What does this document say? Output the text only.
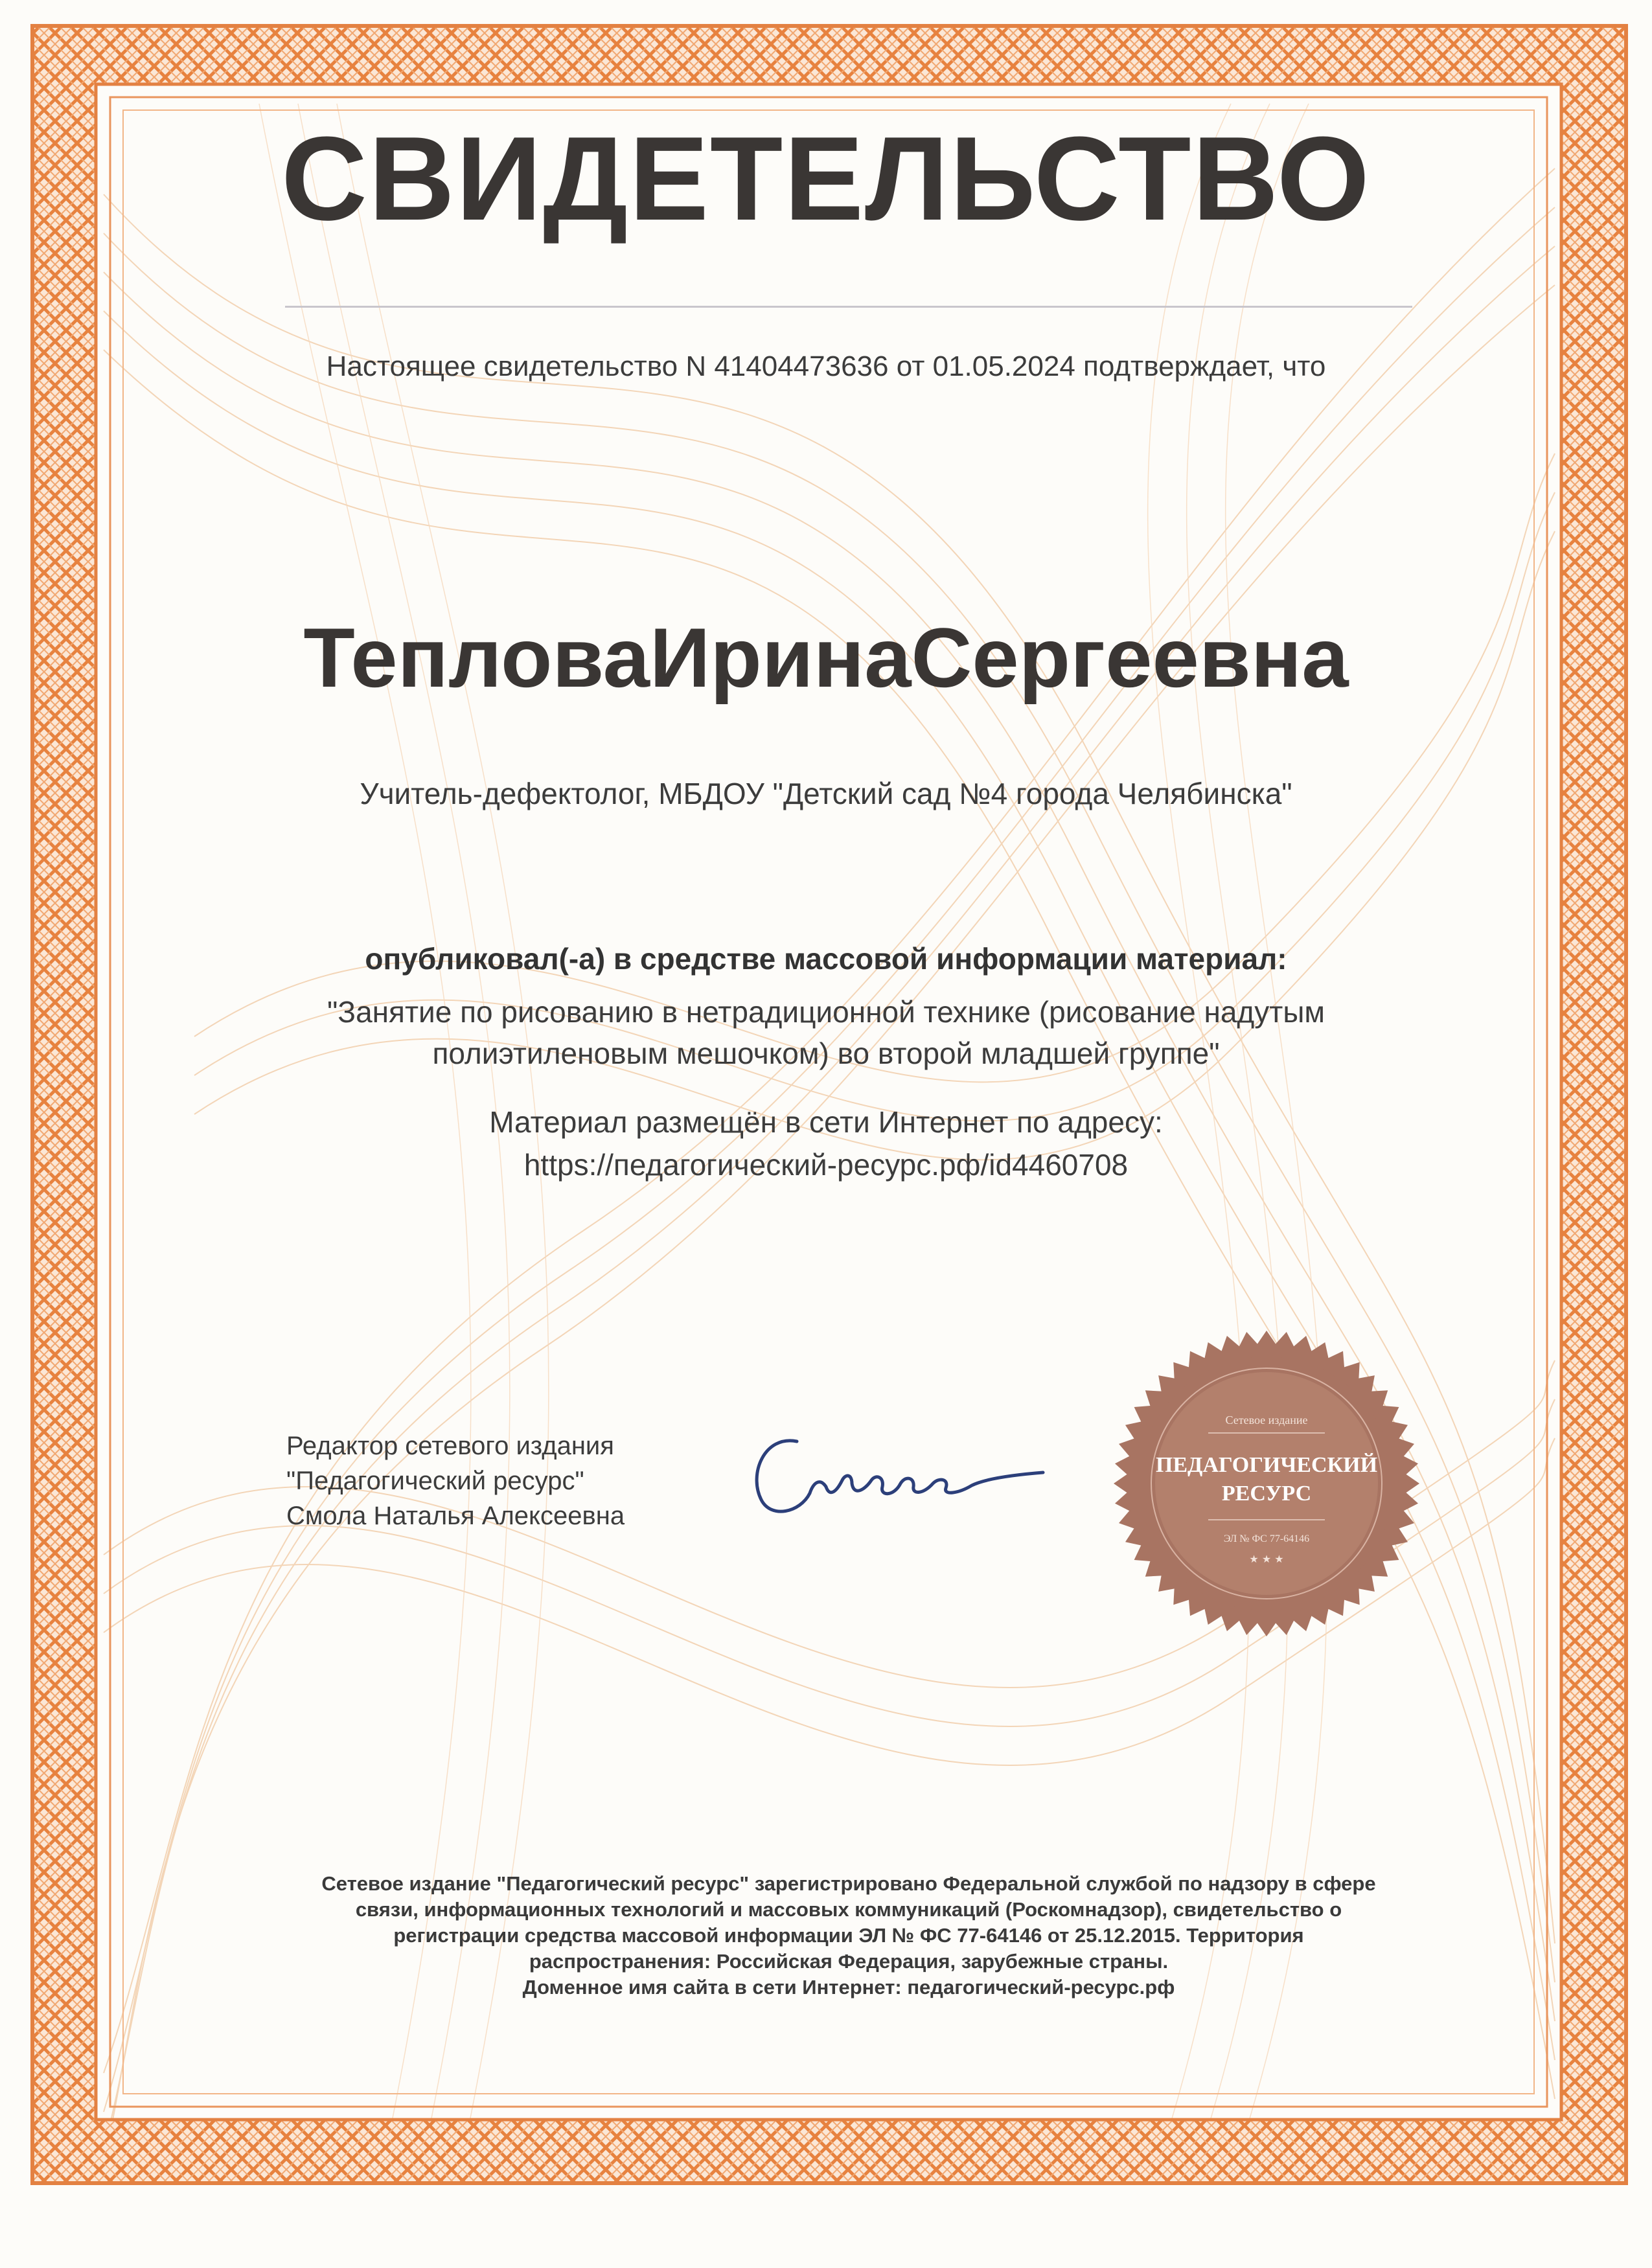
СВИДЕТЕЛЬСТВО
Настоящее свидетельство N 41404473636 от 01.05.2024 подтверждает, что
ТепловаИринаСергеевна
Учитель-дефектолог, МБДОУ "Детский сад №4 города Челябинска"
опубликовал(-а) в средстве массовой информации материал:
"Занятие по рисованию в нетрадиционной технике (рисование надутым
полиэтиленовым мешочком) во второй младшей группе"
Материал размещён в сети Интернет по адресу:
https://педагогический-ресурс.рф/id4460708
Редактор сетевого издания
"Педагогический ресурс"
Смола Наталья Алексеевна
Сетевое издание
ПЕДАГОГИЧЕСКИЙ
РЕСУРС
ЭЛ № ФС 77-64146
★ ★ ★
Сетевое издание "Педагогический ресурс" зарегистрировано Федеральной службой по надзору в сфере
связи, информационных технологий и массовых коммуникаций (Роскомнадзор), свидетельство о
регистрации средства массовой информации ЭЛ № ФС 77-64146 от 25.12.2015. Территория
распространения: Российская Федерация, зарубежные страны.
Доменное имя сайта в сети Интернет: педагогический-ресурс.рф
